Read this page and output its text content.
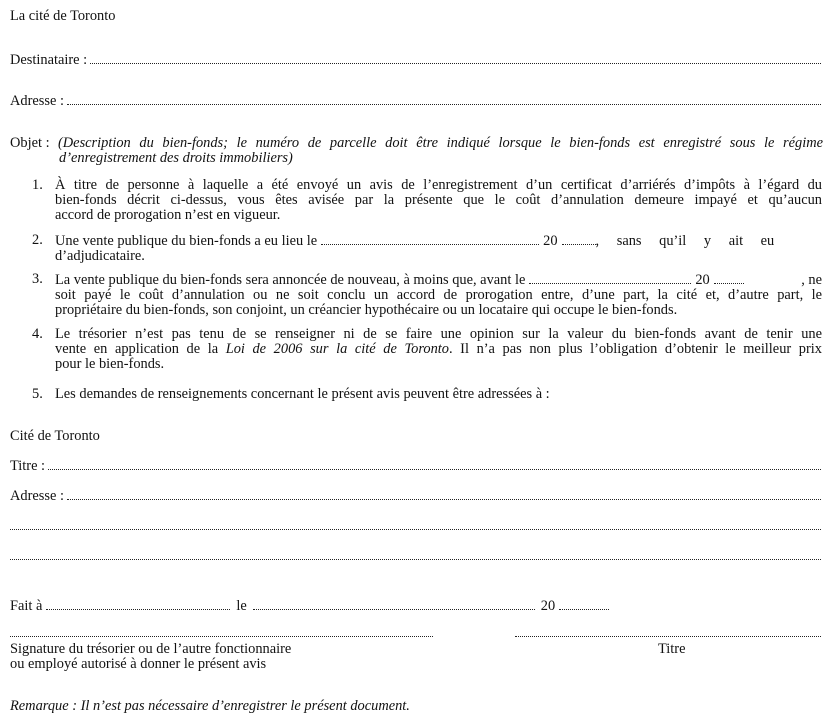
La cité de Toronto
Destinataire :
Adresse :
Objet : (Description du bien-fonds; le numéro de parcelle doit être indiqué lorsque le bien-fonds est enregistré sous le régime
d’enregistrement des droits immobiliers)
1. À titre de personne à laquelle a été envoyé un avis de l’enregistrement d’un certificat d’arriérés d’impôts à l’égard du
bien-fonds décrit ci-dessus, vous êtes avisée par la présente que le coût d’annulation demeure impayé et qu’aucun
accord de prorogation n’est en vigueur.
2. Une vente publique du bien-fonds a eu lieu le	20	, sans qu’il y ait eu
d’adjudicataire.
3. La vente publique du bien-fonds sera annoncée de nouveau, à moins que, avant le	20	, ne
soit payé le coût d’annulation ou ne soit conclu un accord de prorogation entre, d’une part, la cité et, d’autre part, le
propriétaire du bien-fonds, son conjoint, un créancier hypothécaire ou un locataire qui occupe le bien-fonds.
4. Le trésorier n’est pas tenu de se renseigner ni de se faire une opinion sur la valeur du bien-fonds avant de tenir une
vente en application de la Loi de 2006 sur la cité de Toronto. Il n’a pas non plus l’obligation d’obtenir le meilleur prix
pour le bien-fonds.
5. Les demandes de renseignements concernant le présent avis peuvent être adressées à :
Cité de Toronto
Titre :
Adresse :
Fait à	le	20
Signature du trésorier ou de l’autre fonctionnaire
ou employé autorisé à donner le présent avis
Titre
Remarque : Il n’est pas nécessaire d’enregistrer le présent document.
